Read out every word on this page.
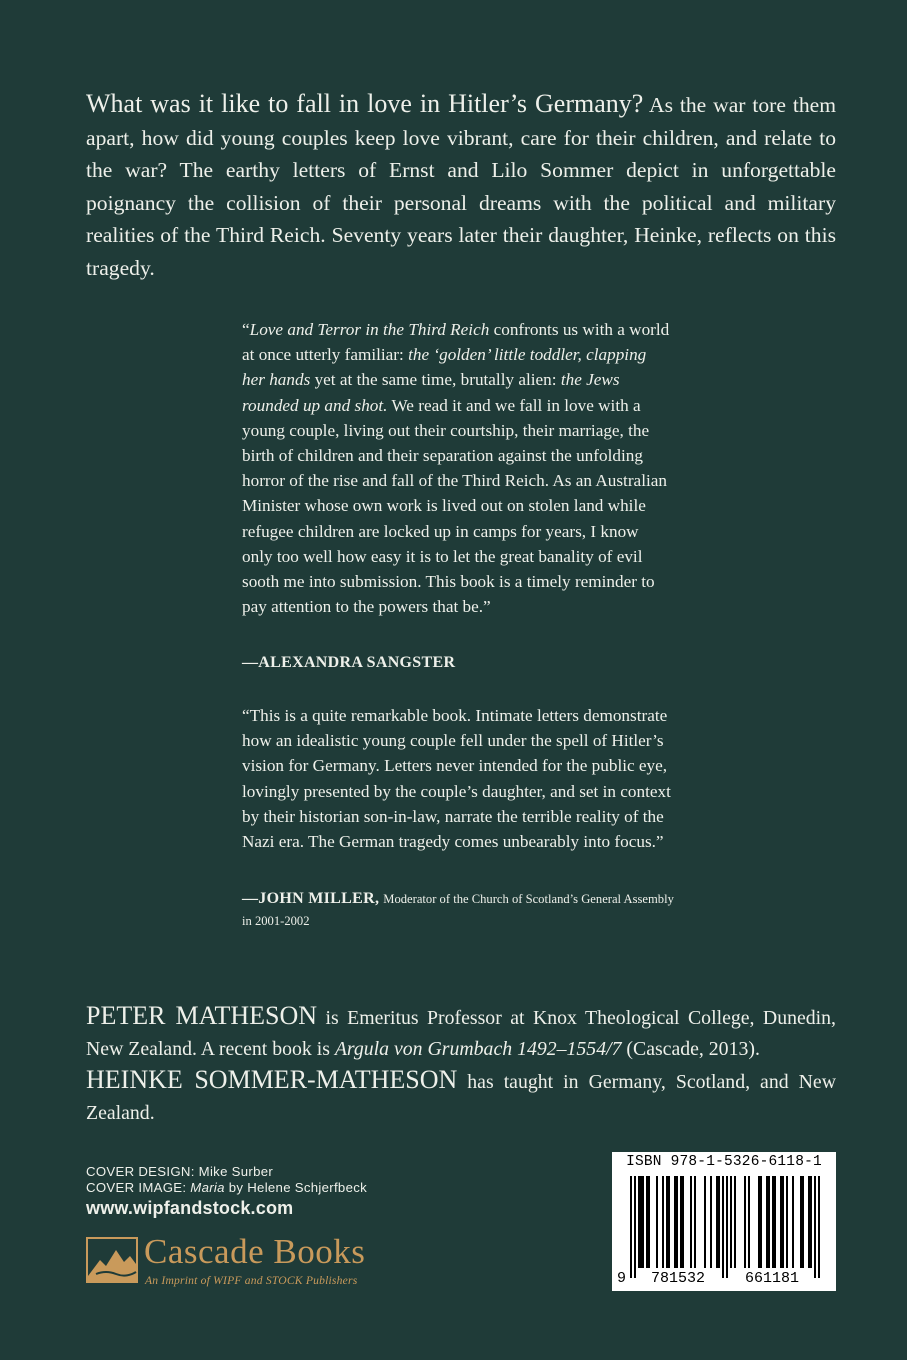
What was it like to fall in love in Hitler’s Germany? As the war tore them apart, how did young couples keep love vibrant, care for their children, and relate to the war? The earthy letters of Ernst and Lilo Sommer depict in unforgettable poignancy the collision of their personal dreams with the political and military realities of the Third Reich. Seventy years later their daughter, Heinke, reflects on this tragedy.

“Love and Terror in the Third Reich confronts us with a world at once utterly familiar: the ‘golden’ little toddler, clapping her hands yet at the same time, brutally alien: the Jews rounded up and shot. We read it and we fall in love with a young couple, living out their courtship, their marriage, the birth of children and their separation against the unfolding horror of the rise and fall of the Third Reich. As an Australian Minister whose own work is lived out on stolen land while refugee children are locked up in camps for years, I know only too well how easy it is to let the great banality of evil sooth me into submission. This book is a timely reminder to pay attention to the powers that be.”

—ALEXANDRA SANGSTER

“This is a quite remarkable book. Intimate letters demonstrate how an idealistic young couple fell under the spell of Hitler’s vision for Germany. Letters never intended for the public eye, lovingly presented by the couple’s daughter, and set in context by their historian son-in-law, narrate the terrible reality of the Nazi era. The German tragedy comes unbearably into focus.”

—JOHN MILLER, Moderator of the Church of Scotland’s General Assembly in 2001-2002

PETER MATHESON is Emeritus Professor at Knox Theological College, Dunedin, New Zealand. A recent book is Argula von Grumbach 1492–1554/7 (Cascade, 2013).

HEINKE SOMMER-MATHESON has taught in Germany, Scotland, and New Zealand.

COVER DESIGN: Mike Surber
COVER IMAGE: Maria by Helene Schjerfbeck
www.wipfandstock.com
Cascade Books
An Imprint of WIPF and STOCK Publishers
ISBN 978-1-5326-6118-1
9 781532	661181
